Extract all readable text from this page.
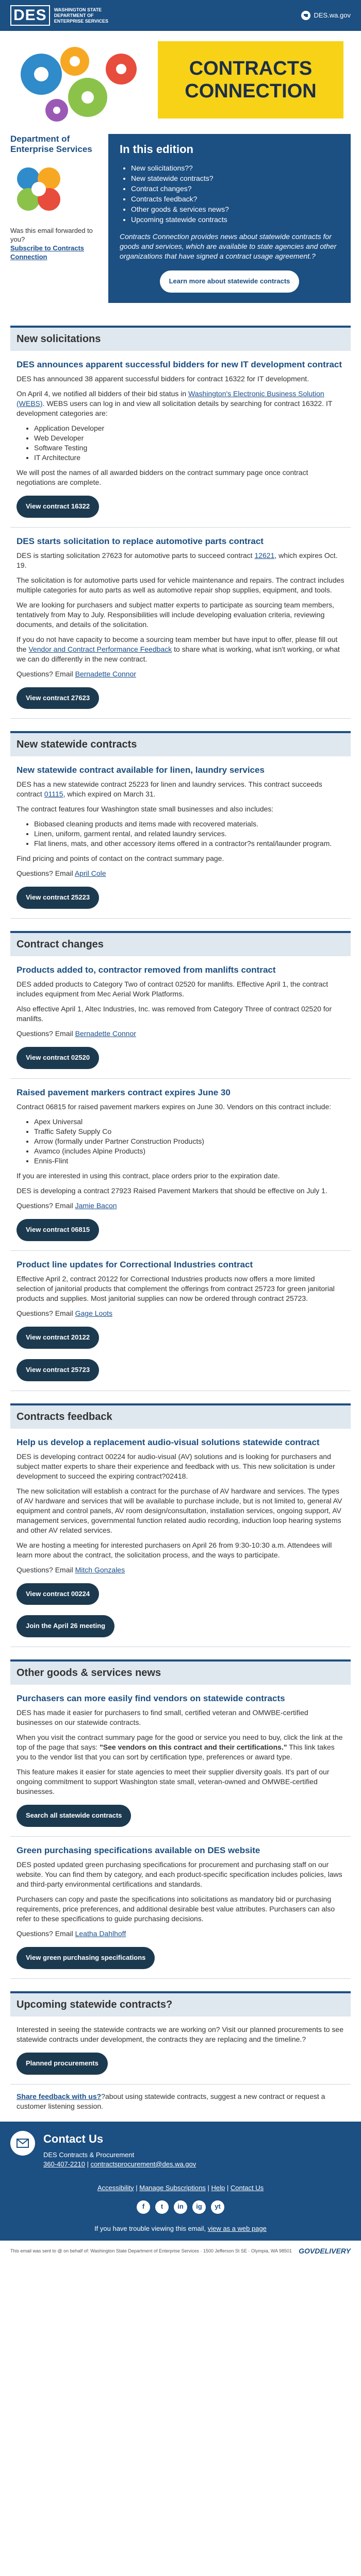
DES	WASHINGTON STATE
DEPARTMENT OF
ENTERPRISE SERVICES
DES.wa.gov
CONTRACTS
CONNECTION
Department of Enterprise Services
Was this email forwarded to you?
Subscribe to Contracts Connection
In this edition
• New solicitations??
• New statewide contracts?
• Contract changes?
• Contracts feedback?
• Other goods & services news?
• Upcoming statewide contracts
Contracts Connection provides news about statewide contracts for goods and services, which are available to state agencies and other organizations that have signed a contract usage agreement.?
Learn more about statewide contracts
New solicitations
DES announces apparent successful bidders for new IT development contract

DES has announced 38 apparent successful bidders for contract 16322 for IT development.

On April 4, we notified all bidders of their bid status in Washington's Electronic Business Solution (WEBS). WEBS users can log in and view all solicitation details by searching for contract 16322. IT development categories are:

• Application Developer
• Web Developer
• Software Testing
• IT Architecture

We will post the names of all awarded bidders on the contract summary page once contract negotiations are complete.

View contract 16322
DES starts solicitation to replace automotive parts contract

DES is starting solicitation 27623 for automotive parts to succeed contract 12621, which expires Oct. 19.

The solicitation is for automotive parts used for vehicle maintenance and repairs. The contract includes multiple categories for auto parts as well as automotive repair shop supplies, equipment, and tools.

We are looking for purchasers and subject matter experts to participate as sourcing team members, tentatively from May to July. Responsibilities will include developing evaluation criteria, reviewing documents, and details of the solicitation.

If you do not have capacity to become a sourcing team member but have input to offer, please fill out the Vendor and Contract Performance Feedback to share what is working, what isn't working, or what we can do differently in the new contract.

Questions? Email Bernadette Connor

View contract 27623
New statewide contracts
New statewide contract available for linen, laundry services

DES has a new statewide contract 25223 for linen and laundry services. This contract succeeds contract 01115, which expired on March 31.

The contract features four Washington state small businesses and also includes:

• Biobased cleaning products and items made with recovered materials.
• Linen, uniform, garment rental, and related laundry services.
• Flat linens, mats, and other accessory items offered in a contractor?s rental/launder program.

Find pricing and points of contact on the contract summary page.

Questions? Email April Cole

View contract 25223
Contract changes
Products added to, contractor removed from manlifts contract

DES added products to Category Two of contract 02520 for manlifts. Effective April 1, the contract includes equipment from Mec Aerial Work Platforms.

Also effective April 1, Altec Industries, Inc. was removed from Category Three of contract 02520 for manlifts.

Questions? Email Bernadette Connor

View contract 02520
Raised pavement markers contract expires June 30

Contract 06815 for raised pavement markers expires on June 30. Vendors on this contract include:

• Apex Universal
• Traffic Safety Supply Co
• Arrow (formally under Partner Construction Products)
• Avamco (includes Alpine Products)
• Ennis-Flint

If you are interested in using this contract, place orders prior to the expiration date.

DES is developing a contract 27923 Raised Pavement Markers that should be effective on July 1.

Questions? Email Jamie Bacon

View contract 06815
Product line updates for Correctional Industries contract

Effective April 2, contract 20122 for Correctional Industries products now offers a more limited selection of janitorial products that complement the offerings from contract 25723 for green janitorial products and supplies. Most janitorial supplies can now be ordered through contract 25723.

Questions? Email Gage Loots

View contract 20122
View contract 25723
Contracts feedback
Help us develop a replacement audio-visual solutions statewide contract

DES is developing contract 00224 for audio-visual (AV) solutions and is looking for purchasers and subject matter experts to share their experience and feedback with us. This new solicitation is under development to succeed the expiring contract?02418.

The new solicitation will establish a contract for the purchase of AV hardware and services. The types of AV hardware and services that will be available to purchase include, but is not limited to, general AV equipment and control panels, AV room design/consultation, installation services, ongoing support, AV management services, governmental function related audio recording, induction loop hearing systems and other AV related services.

We are hosting a meeting for interested purchasers on April 26 from 9:30-10:30 a.m. Attendees will learn more about the contract, the solicitation process, and the ways to participate.

Questions? Email Mitch Gonzales

View contract 00224
Join the April 26 meeting
Other goods & services news
Purchasers can more easily find vendors on statewide contracts

DES has made it easier for purchasers to find small, certified veteran and OMWBE-certified businesses on our statewide contracts.

When you visit the contract summary page for the good or service you need to buy, click the link at the top of the page that says: "See vendors on this contract and their certifications." This link takes you to the vendor list that you can sort by certification type, preferences or award type.

This feature makes it easier for state agencies to meet their supplier diversity goals. It's part of our ongoing commitment to support Washington state small, veteran-owned and OMWBE-certified businesses.

Search all statewide contracts
Green purchasing specifications available on DES website

DES posted updated green purchasing specifications for procurement and purchasing staff on our website. You can find them by category, and each product-specific specification includes policies, laws and third-party environmental certifications and standards.

Purchasers can copy and paste the specifications into solicitations as mandatory bid or purchasing requirements, price preferences, and additional desirable best value attributes. Purchasers can also refer to these specifications to guide purchasing decisions.

Questions? Email Leatha Dahlhoff

View green purchasing specifications
Upcoming statewide contracts?

Interested in seeing the statewide contracts we are working on? Visit our planned procurements to see statewide contracts under development, the contracts they are replacing and the timeline.?

Planned procurements
Share feedback with us??about using statewide contracts, suggest a new contract or request a customer listening session.
Contact Us
DES Contracts & Procurement
360-407-2210 | contractsprocurement@des.wa.gov
Accessibility | Manage Subscriptions | Help | Contact Us
f	t	in	ig	yt
If you have trouble viewing this email, view as a web page
This email was sent to @ on behalf of: Washington State Department of Enterprise Services · 1500 Jefferson St SE · Olympia, WA 98501 GOVDELIVERY
